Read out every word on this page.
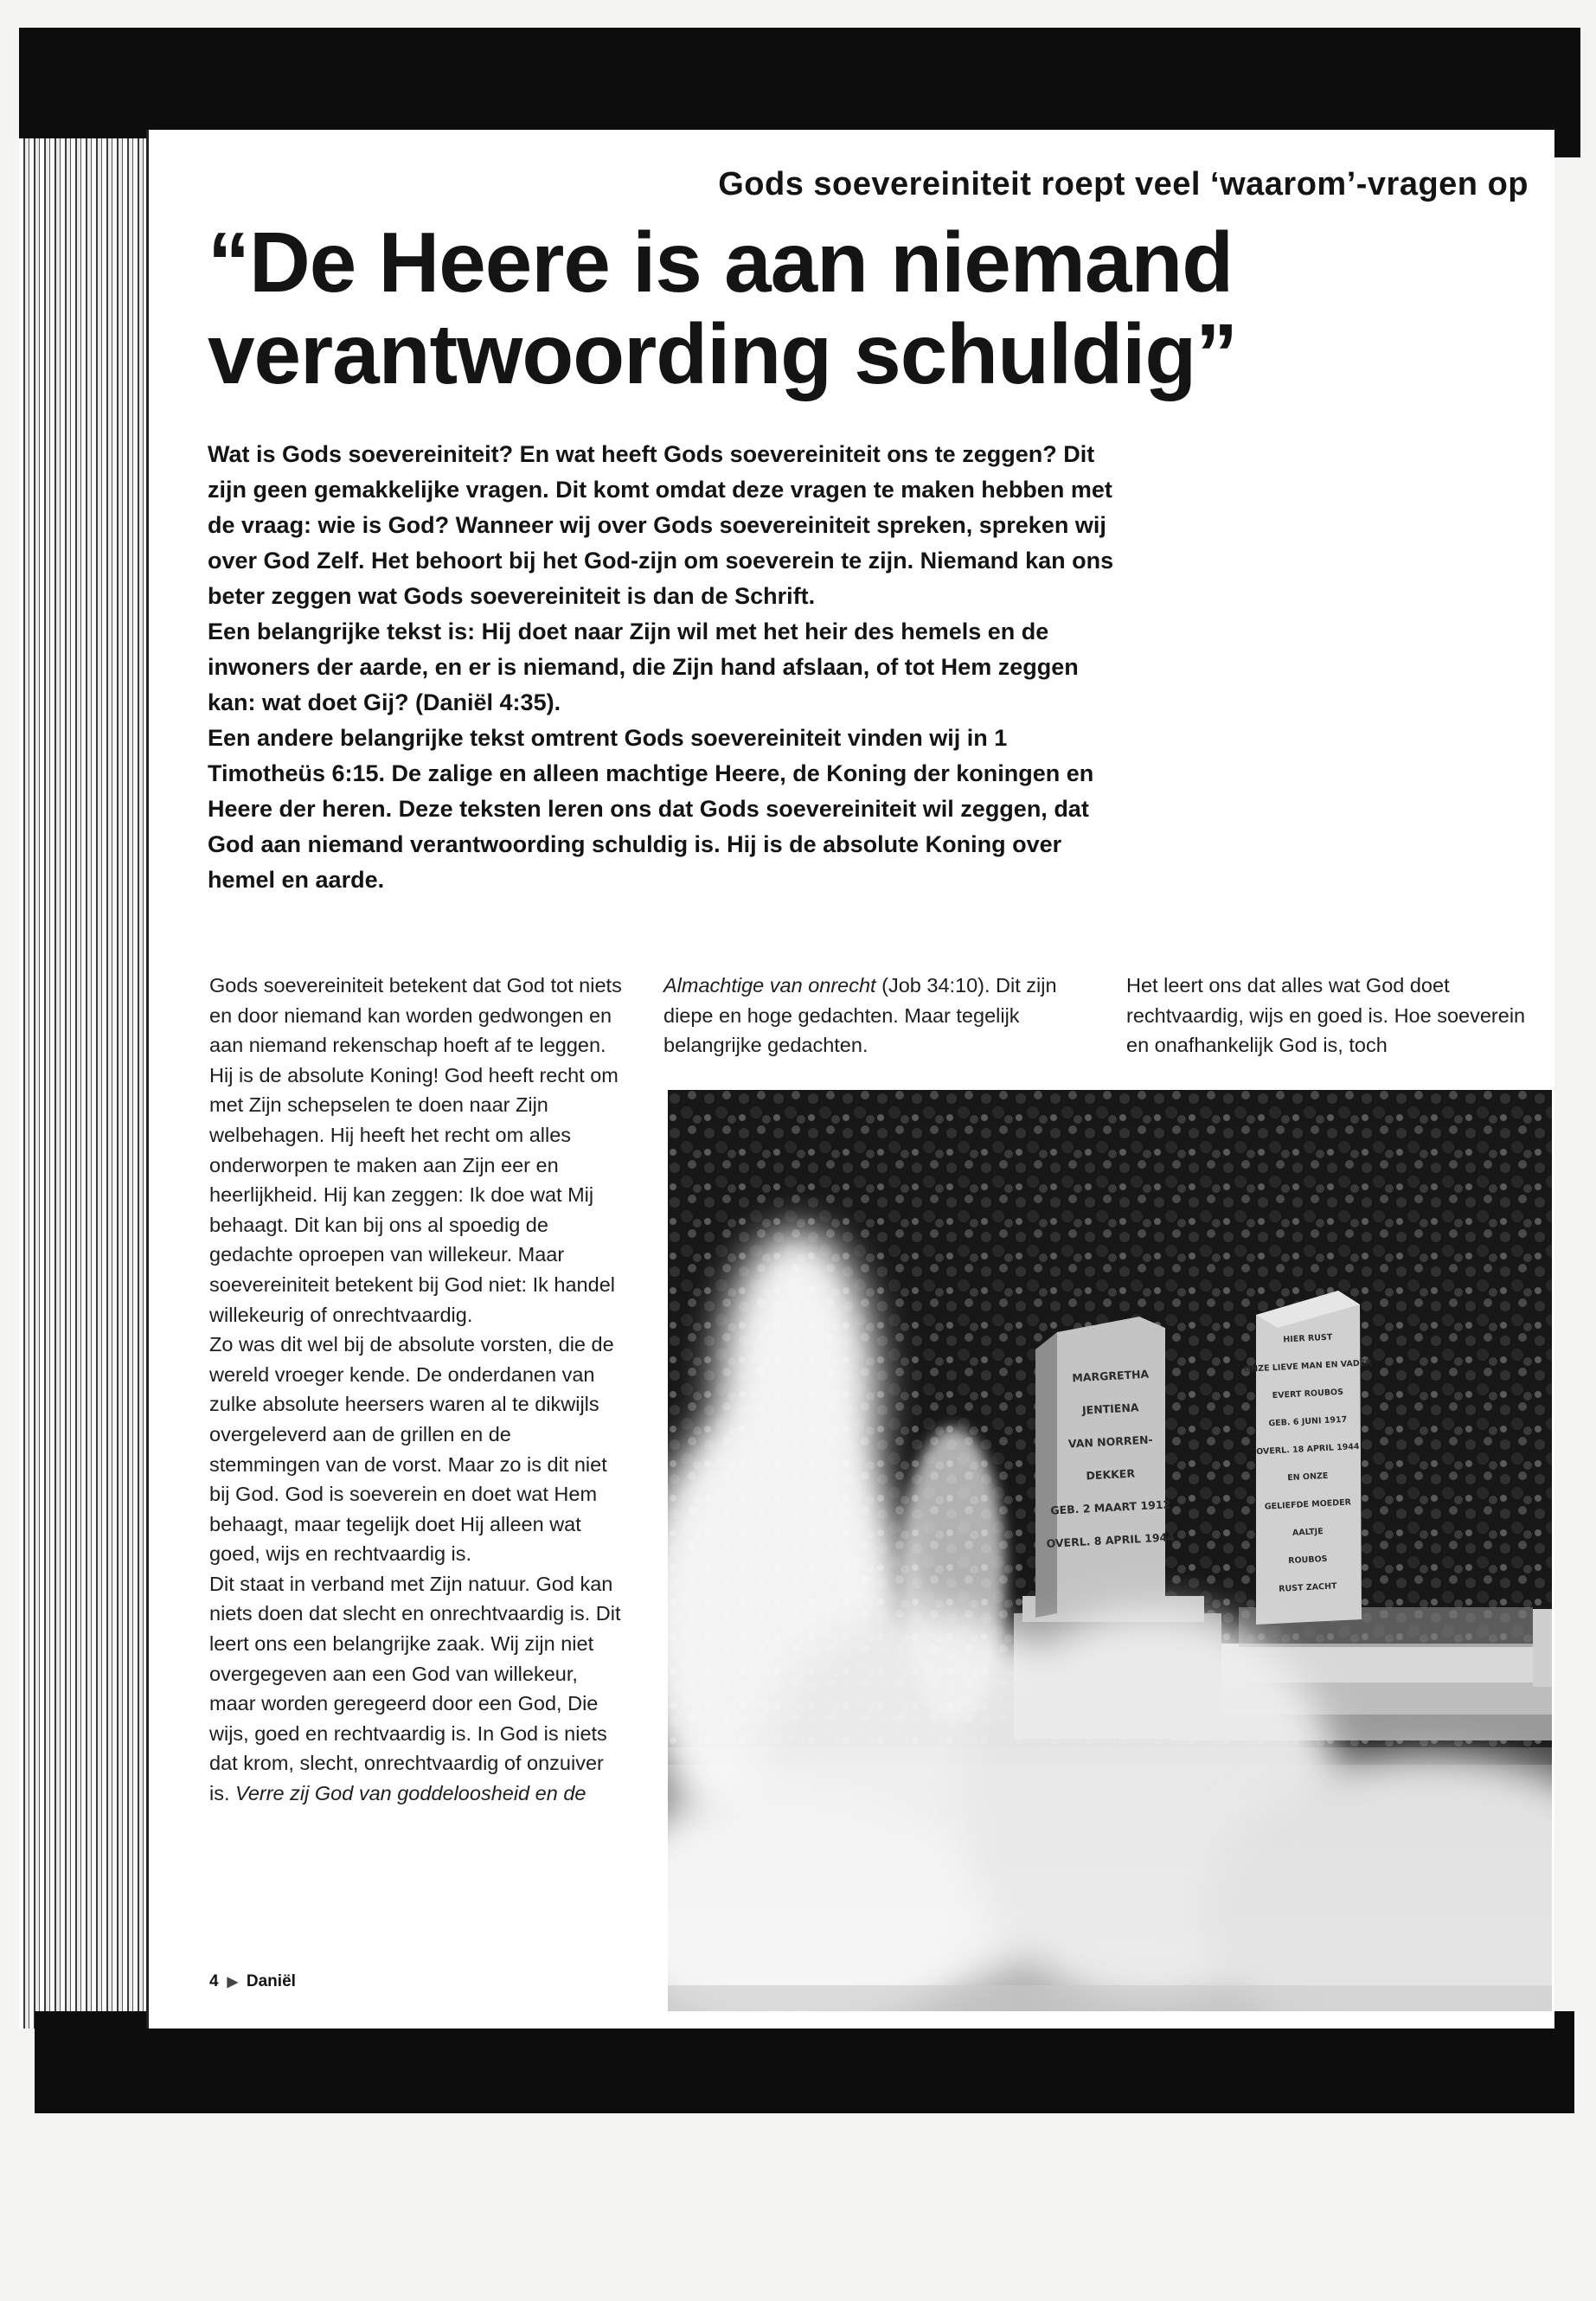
Gods soevereiniteit roept veel ‘waarom’-vragen op
“De Heere is aan niemand
verantwoording schuldig”

Wat is Gods soevereiniteit? En wat heeft Gods soevereiniteit ons te zeggen? Dit zijn geen gemakkelijke vragen. Dit komt omdat deze vragen te maken hebben met de vraag: wie is God? Wanneer wij over Gods soevereiniteit spreken, spreken wij over God Zelf. Het behoort bij het God-zijn om soeverein te zijn. Niemand kan ons beter zeggen wat Gods soevereiniteit is dan de Schrift.

Een belangrijke tekst is: Hij doet naar Zijn wil met het heir des hemels en de inwoners der aarde, en er is niemand, die Zijn hand afslaan, of tot Hem zeggen kan: wat doet Gij? (Daniël 4:35).

Een andere belangrijke tekst omtrent Gods soevereiniteit vinden wij in 1 Timotheüs 6:15. De zalige en alleen machtige Heere, de Koning der koningen en Heere der heren. Deze teksten leren ons dat Gods soevereiniteit wil zeggen, dat God aan niemand verantwoording schuldig is. Hij is de absolute Koning over hemel en aarde.

Gods soevereiniteit betekent dat God tot niets en door niemand kan worden gedwongen en aan niemand rekenschap hoeft af te leggen. Hij is de absolute Koning! God heeft recht om met Zijn schepselen te doen naar Zijn welbehagen. Hij heeft het recht om alles onderworpen te maken aan Zijn eer en heerlijkheid. Hij kan zeggen: Ik doe wat Mij behaagt. Dit kan bij ons al spoedig de gedachte oproepen van willekeur. Maar soevereiniteit betekent bij God niet: Ik handel willekeurig of onrechtvaardig.

Zo was dit wel bij de absolute vorsten, die de wereld vroeger kende. De onderdanen van zulke absolute heersers waren al te dikwijls overgeleverd aan de grillen en de stemmingen van de vorst. Maar zo is dit niet bij God. God is soeverein en doet wat Hem behaagt, maar tegelijk doet Hij alleen wat goed, wijs en rechtvaardig is.

Dit staat in verband met Zijn natuur. God kan niets doen dat slecht en onrechtvaardig is. Dit leert ons een belangrijke zaak. Wij zijn niet overgegeven aan een God van willekeur, maar worden geregeerd door een God, Die wijs, goed en rechtvaardig is. In God is niets dat krom, slecht, onrechtvaardig of onzuiver is. Verre zij God van goddeloosheid en de

Almachtige van onrecht (Job 34:10). Dit zijn diepe en hoge gedachten. Maar tegelijk belangrijke gedachten.

Het leert ons dat alles wat God doet rechtvaardig, wijs en goed is. Hoe soeverein en onafhankelijk God is, toch

4 ▶ Daniël
HIER RUST
ONZE LIEVE MAN EN VADER
EVERT ROUBOS
GEB. 6 JUNI 1917
OVERL. 18 APRIL 1944
EN ONZE
GELIEFDE MOEDER
AALTJE
ROUBOS
RUST ZACHT
MARGRETHA
JENTIENA
VAN NORREN-
DEKKER
GEB. 2 MAART 1912
OVERL. 8 APRIL 1944
